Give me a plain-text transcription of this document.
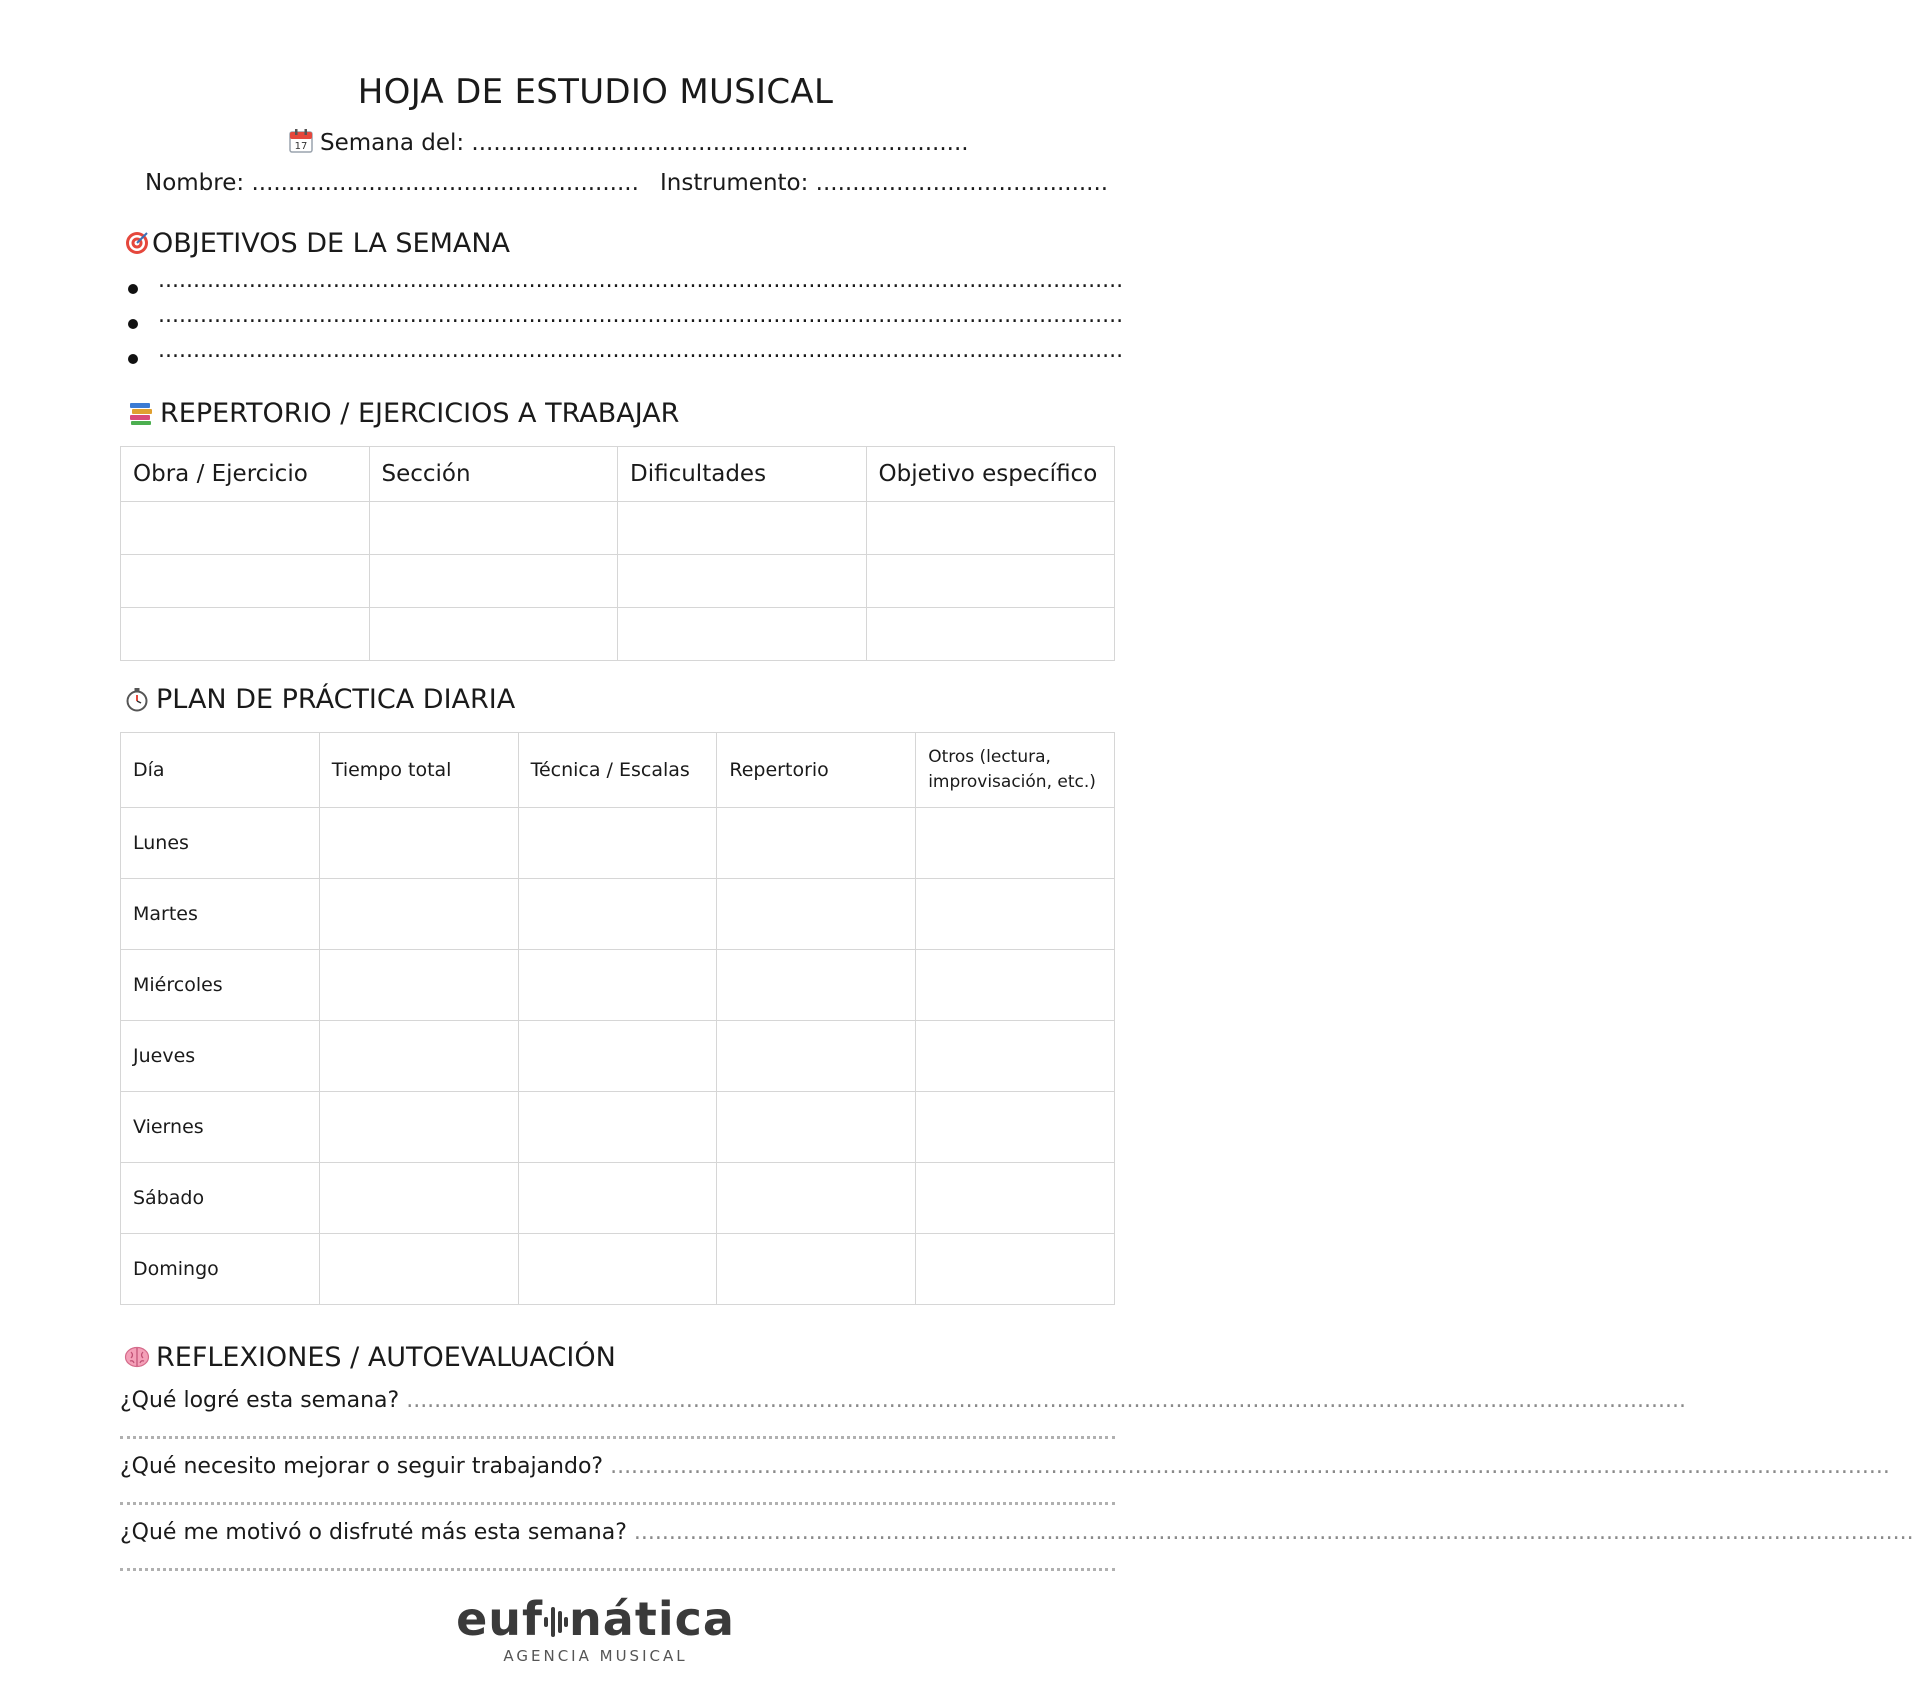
HOJA DE ESTUDIO MUSICAL
17 Semana del: ....................................................................
Nombre: ..................................................... Instrumento: ........................................
OBJETIVOS DE LA SEMANA
..........................................................................................................................................
..........................................................................................................................................
..........................................................................................................................................
REPERTORIO / EJERCICIOS A TRABAJAR
Obra / Ejercicio	Sección	Dificultades	Objetivo específico

PLAN DE PRÁCTICA DIARIA
Día	Tiempo total	Técnica / Escalas	Repertorio	Otros (lectura, improvisación, etc.)
Lunes				
Martes				
Miércoles				
Jueves				
Viernes				
Sábado				
Domingo				
REFLEXIONES / AUTOEVALUACIÓN
¿Qué logré esta semana? .......................................................................................................................................................................................
¿Qué necesito mejorar o seguir trabajando? .......................................................................................................................................................................................
¿Qué me motivó o disfruté más esta semana? .......................................................................................................................................................................................
euf nática
AGENCIA MUSICAL
